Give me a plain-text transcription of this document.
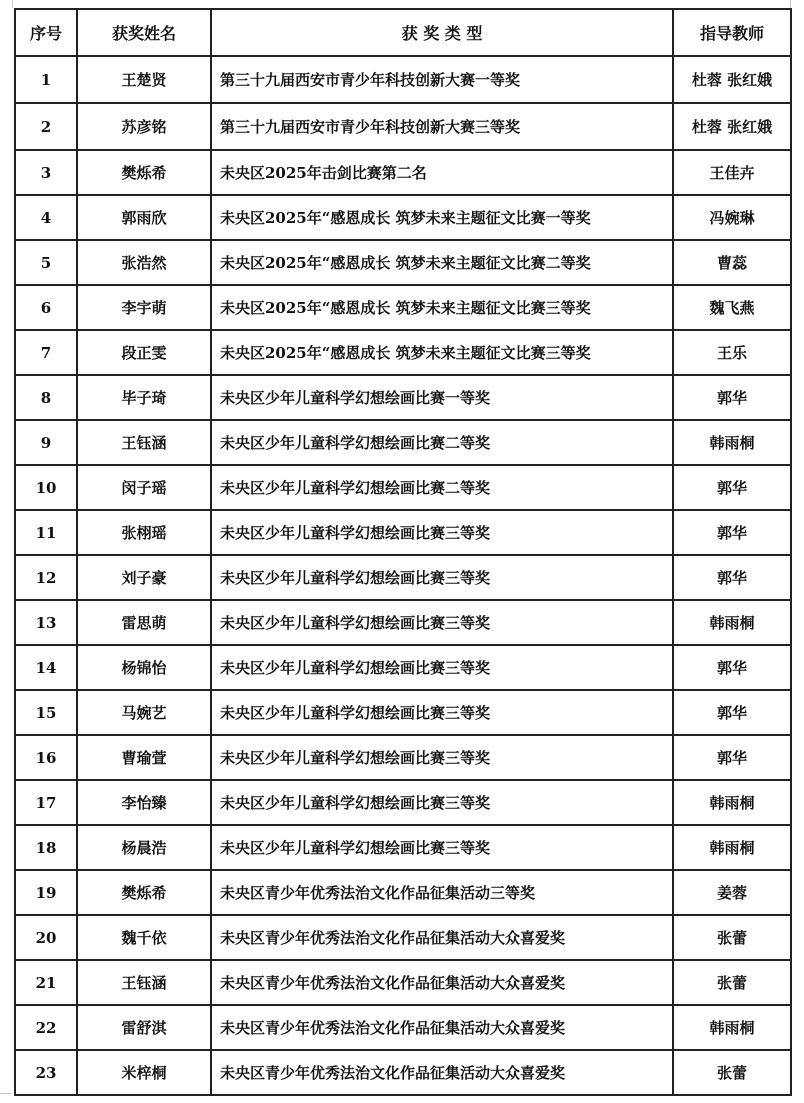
序号	获奖姓名	获 奖 类 型	指导教师
1	王楚贤	第三十九届西安市青少年科技创新大赛一等奖	杜蓉 张红娥
2	苏彦铭	第三十九届西安市青少年科技创新大赛三等奖	杜蓉 张红娥
3	樊烁希	未央区2025年击剑比赛第二名	王佳卉
4	郭雨欣	未央区2025年“感恩成长 筑梦未来主题征文比赛一等奖	冯婉琳
5	张浩然	未央区2025年“感恩成长 筑梦未来主题征文比赛二等奖	曹蕊
6	李宇萌	未央区2025年“感恩成长 筑梦未来主题征文比赛三等奖	魏飞燕
7	段正雯	未央区2025年“感恩成长 筑梦未来主题征文比赛三等奖	王乐
8	毕子琦	未央区少年儿童科学幻想绘画比赛一等奖	郭华
9	王钰涵	未央区少年儿童科学幻想绘画比赛二等奖	韩雨桐
10	闵子瑶	未央区少年儿童科学幻想绘画比赛二等奖	郭华
11	张栩瑶	未央区少年儿童科学幻想绘画比赛三等奖	郭华
12	刘子豪	未央区少年儿童科学幻想绘画比赛三等奖	郭华
13	雷思萌	未央区少年儿童科学幻想绘画比赛三等奖	韩雨桐
14	杨锦怡	未央区少年儿童科学幻想绘画比赛三等奖	郭华
15	马婉艺	未央区少年儿童科学幻想绘画比赛三等奖	郭华
16	曹瑜萱	未央区少年儿童科学幻想绘画比赛三等奖	郭华
17	李怡臻	未央区少年儿童科学幻想绘画比赛三等奖	韩雨桐
18	杨晨浩	未央区少年儿童科学幻想绘画比赛三等奖	韩雨桐
19	樊烁希	未央区青少年优秀法治文化作品征集活动三等奖	姜蓉
20	魏千依	未央区青少年优秀法治文化作品征集活动大众喜爱奖	张蕾
21	王钰涵	未央区青少年优秀法治文化作品征集活动大众喜爱奖	张蕾
22	雷舒淇	未央区青少年优秀法治文化作品征集活动大众喜爱奖	韩雨桐
23	米梓桐	未央区青少年优秀法治文化作品征集活动大众喜爱奖	张蕾
